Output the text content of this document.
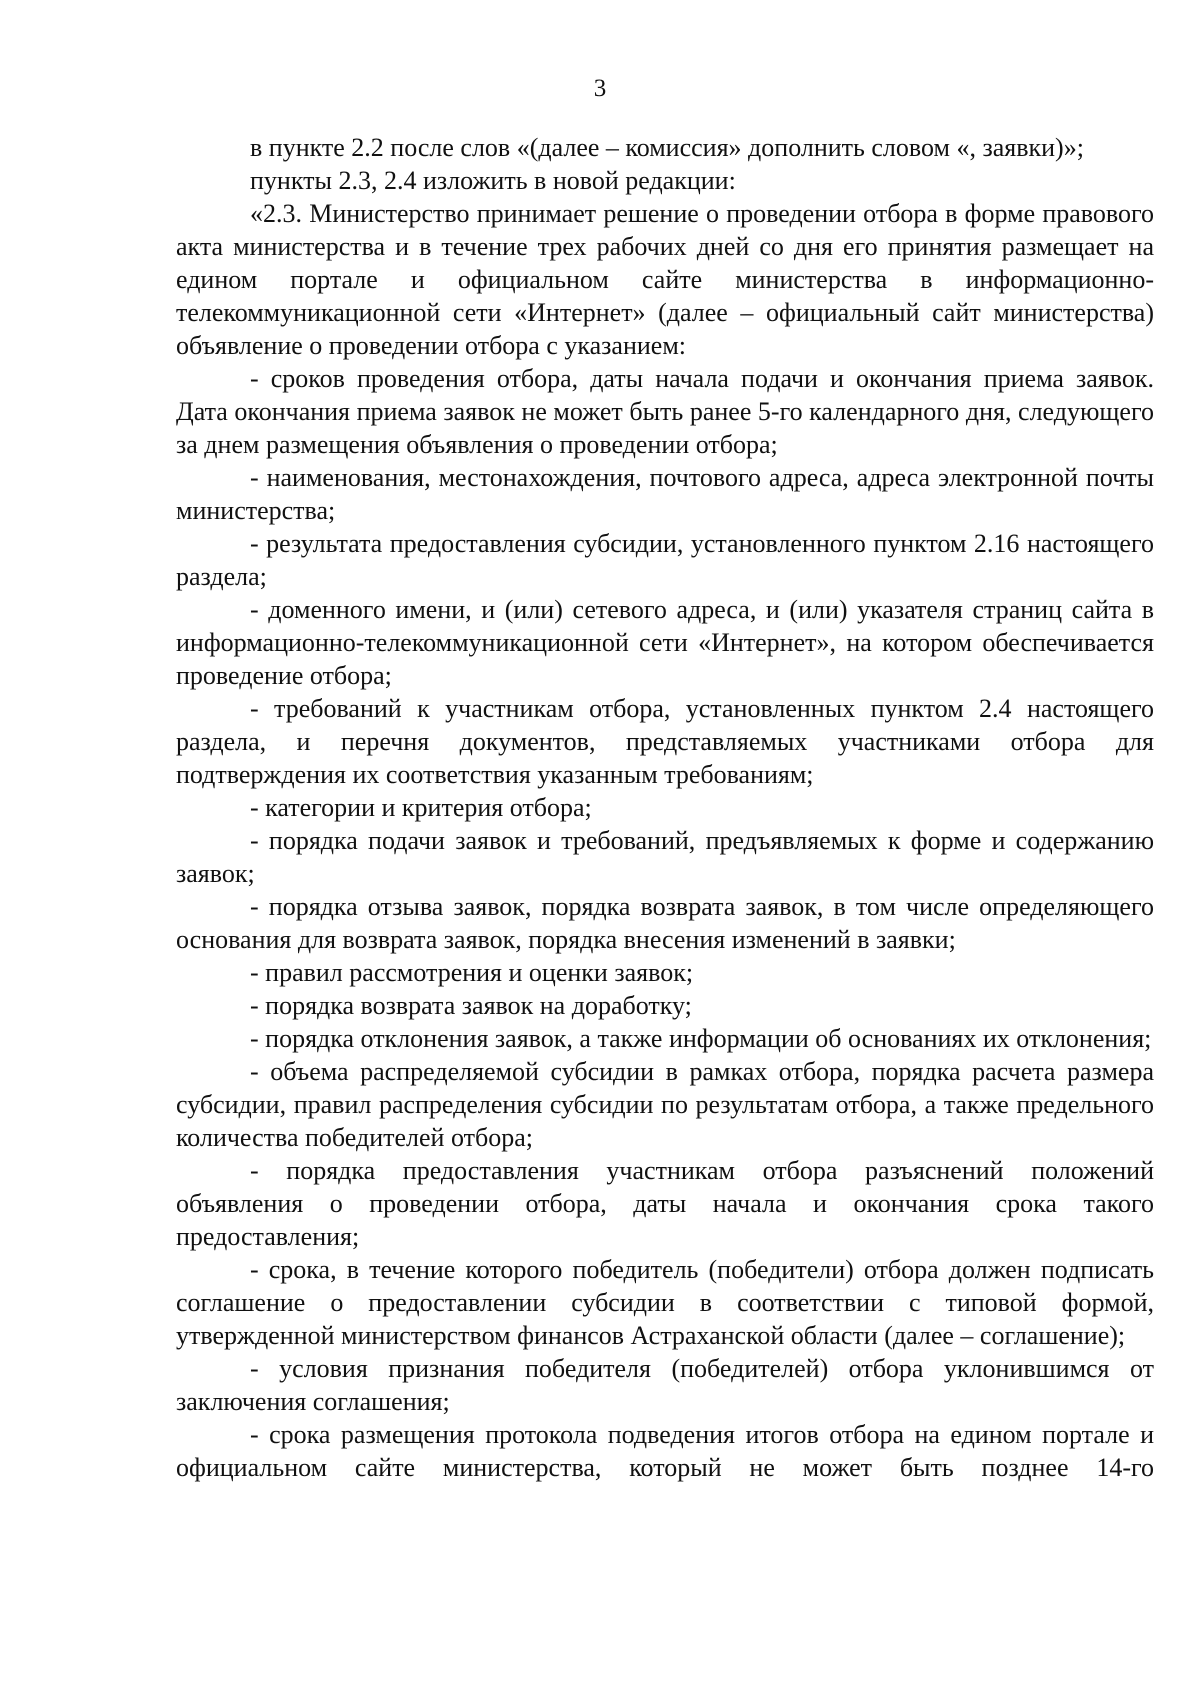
3

в пункте 2.2 после слов «(далее – комиссия» дополнить словом «, заявки)»;

пункты 2.3, 2.4 изложить в новой редакции:

«2.3. Министерство принимает решение о проведении отбора в форме правового акта министерства и в течение трех рабочих дней со дня его принятия размещает на едином портале и официальном сайте министерства в информационно-телекоммуникационной сети «Интернет» (далее – официальный сайт министерства) объявление о проведении отбора с указанием:

- сроков проведения отбора, даты начала подачи и окончания приема заявок. Дата окончания приема заявок не может быть ранее 5-го календарного дня, следующего за днем размещения объявления о проведении отбора;

- наименования, местонахождения, почтового адреса, адреса электронной почты министерства;

- результата предоставления субсидии, установленного пунктом 2.16 настоящего раздела;

- доменного имени, и (или) сетевого адреса, и (или) указателя страниц сайта в информационно-телекоммуникационной сети «Интернет», на котором обеспечивается проведение отбора;

- требований к участникам отбора, установленных пунктом 2.4 настоящего раздела, и перечня документов, представляемых участниками отбора для подтверждения их соответствия указанным требованиям;

- категории и критерия отбора;

- порядка подачи заявок и требований, предъявляемых к форме и содержанию заявок;

- порядка отзыва заявок, порядка возврата заявок, в том числе определяющего основания для возврата заявок, порядка внесения изменений в заявки;

- правил рассмотрения и оценки заявок;

- порядка возврата заявок на доработку;

- порядка отклонения заявок, а также информации об основаниях их отклонения;

- объема распределяемой субсидии в рамках отбора, порядка расчета размера субсидии, правил распределения субсидии по результатам отбора, а также предельного количества победителей отбора;

- порядка предоставления участникам отбора разъяснений положений объявления о проведении отбора, даты начала и окончания срока такого предоставления;

- срока, в течение которого победитель (победители) отбора должен подписать соглашение о предоставлении субсидии в соответствии с типовой формой, утвержденной министерством финансов Астраханской области (далее – соглашение);

- условия признания победителя (победителей) отбора уклонившимся от заключения соглашения;

- срока размещения протокола подведения итогов отбора на едином портале и официальном сайте министерства, который не может быть позднее 14-го
